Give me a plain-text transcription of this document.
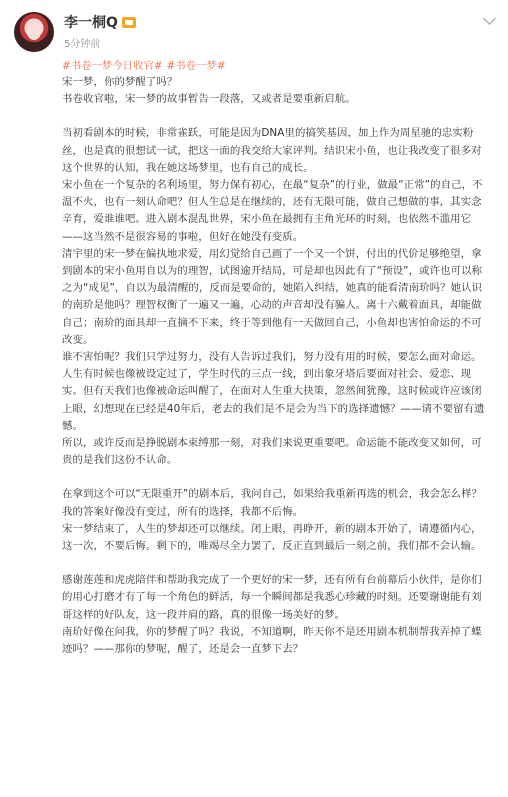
李一桐Q
5分钟前
#书卷一梦今日收官# #书卷一梦#

宋一梦，你的梦醒了吗？

书卷收官啦，宋一梦的故事暂告一段落，又或者是要重新启航。

当初看剧本的时候，非常雀跃，可能是因为DNA里的搞笑基因，加上作为周星驰的忠实粉丝，也是真的很想试一试，把这一面的我交给大家评判。结识宋小鱼，也让我改变了很多对这个世界的认知，我在她这场梦里，也有自己的成长。

宋小鱼在一个复杂的名利场里，努力保有初心，在最“复杂”的行业，做最“正常”的自己，不温不火，也有一刻认命吧？但人生总是在继续的，还有无限可能，做自己想做的事，其实念辛育，爱谁谁吧。进入剧本混乱世界，宋小鱼在最拥有主角光环的时刻，也依然不滥用它——这当然不是很容易的事啦，但好在她没有变质。

清宇里的宋一梦在偏执地求爱，用幻觉给自己画了一个又一个饼，付出的代价足够绝望，拿到剧本的宋小鱼用自以为的理智，试图逾开结局，可是却也因此有了“预设”，或许也可以称之为“成见”，自以为最清醒的，反而是要命的，她陷入纠结，她真的能看清南玠吗？她认识的南玠是他吗？理智权衡了一遍又一遍，心动的声音却没有骗人。离十六戴着面具，却能做自己；南玠的面具却一直摘不下来，终于等到他有一天做回自己，小鱼却也害怕命运的不可改变。

谁不害怕呢？我们只学过努力，没有人告诉过我们，努力没有用的时候，要怎么面对命运。

人生有时候也像被设定过了，学生时代的三点一线，到出象牙塔后要面对社会、爱恋、现实。但有天我们也像被命运叫醒了，在面对人生重大抉策，忽然间犹豫，这时候或许应该闭上眼，幻想现在已经是40年后，老去的我们是不是会为当下的选择遗憾？——请不要留有遗憾。

所以，或许反而是挣脱剧本束缚那一刻，对我们来说更重要吧。命运能不能改变又如何，可贵的是我们这份不认命。

在拿到这个可以“无限重开”的剧本后，我问自己，如果给我重新再选的机会，我会怎么样？我的答案好像没有变过，所有的选择，我都不后悔。

宋一梦结束了，人生的梦却还可以继续。闭上眼，再睁开，新的剧本开始了，请遵循内心，这一次，不要后悔。剩下的，唯竭尽全力罢了，反正直到最后一刻之前，我们都不会认输。

感谢莲莲和虎虎陪伴和帮助我完成了一个更好的宋一梦，还有所有台前幕后小伙伴，是你们的用心打磨才有了每一个角色的鲜活，每一个瞬间都是我悉心珍藏的时刻。还要谢谢能有刘哥这样的好队友，这一段并肩的路，真的很像一场美好的梦。

南玠好像在问我，你的梦醒了吗？我说，不知道啊，昨天你不是还用剧本机制帮我弄掉了蝶迹吗？——那你的梦呢，醒了，还是会一直梦下去？
